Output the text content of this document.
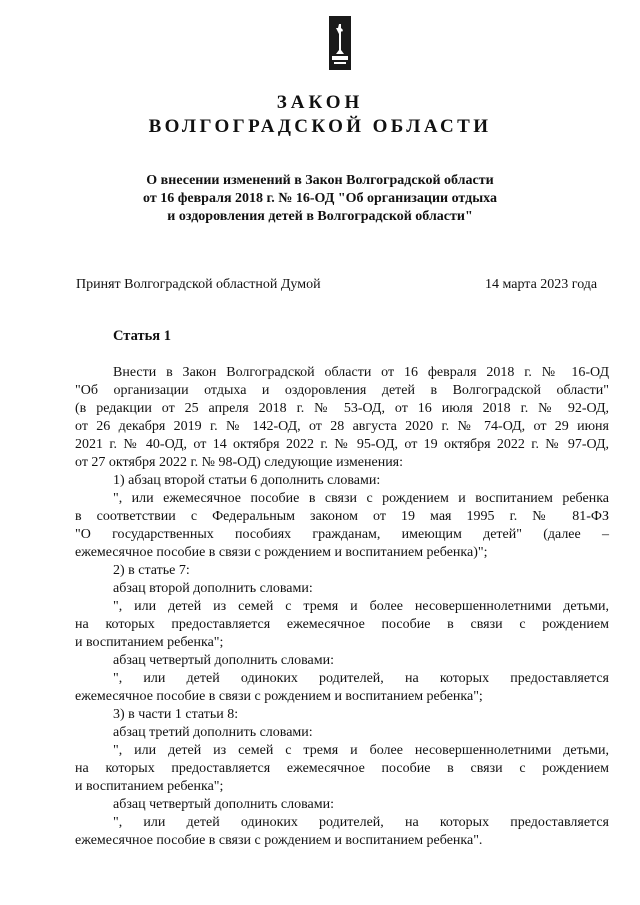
ЗАКОН
ВОЛГОГРАДСКОЙ ОБЛАСТИ
О внесении изменений в Закон Волгоградской области
от 16 февраля 2018 г. № 16-ОД "Об организации отдыха
и оздоровления детей в Волгоградской области"
Принят Волгоградской областной Думой	14 марта 2023 года
Статья 1
Внести в Закон Волгоградской области от 16 февраля 2018 г. № 16-ОД
"Об организации отдыха и оздоровления детей в Волгоградской области"
(в редакции от 25 апреля 2018 г. № 53-ОД, от 16 июля 2018 г. № 92-ОД,
от 26 декабря 2019 г. № 142-ОД, от 28 августа 2020 г. № 74-ОД, от 29 июня
2021 г. № 40-ОД, от 14 октября 2022 г. № 95-ОД, от 19 октября 2022 г. № 97-ОД,
от 27 октября 2022 г. № 98-ОД) следующие изменения:
1) абзац второй статьи 6 дополнить словами:
", или ежемесячное пособие в связи с рождением и воспитанием ребенка
в соответствии с Федеральным законом от 19 мая 1995 г. № 81-ФЗ
"О государственных пособиях гражданам, имеющим детей" (далее –
ежемесячное пособие в связи с рождением и воспитанием ребенка)";
2) в статье 7:
абзац второй дополнить словами:
", или детей из семей с тремя и более несовершеннолетними детьми,
на которых предоставляется ежемесячное пособие в связи с рождением
и воспитанием ребенка";
абзац четвертый дополнить словами:
", или детей одиноких родителей, на которых предоставляется
ежемесячное пособие в связи с рождением и воспитанием ребенка";
3) в части 1 статьи 8:
абзац третий дополнить словами:
", или детей из семей с тремя и более несовершеннолетними детьми,
на которых предоставляется ежемесячное пособие в связи с рождением
и воспитанием ребенка";
абзац четвертый дополнить словами:
", или детей одиноких родителей, на которых предоставляется
ежемесячное пособие в связи с рождением и воспитанием ребенка".
